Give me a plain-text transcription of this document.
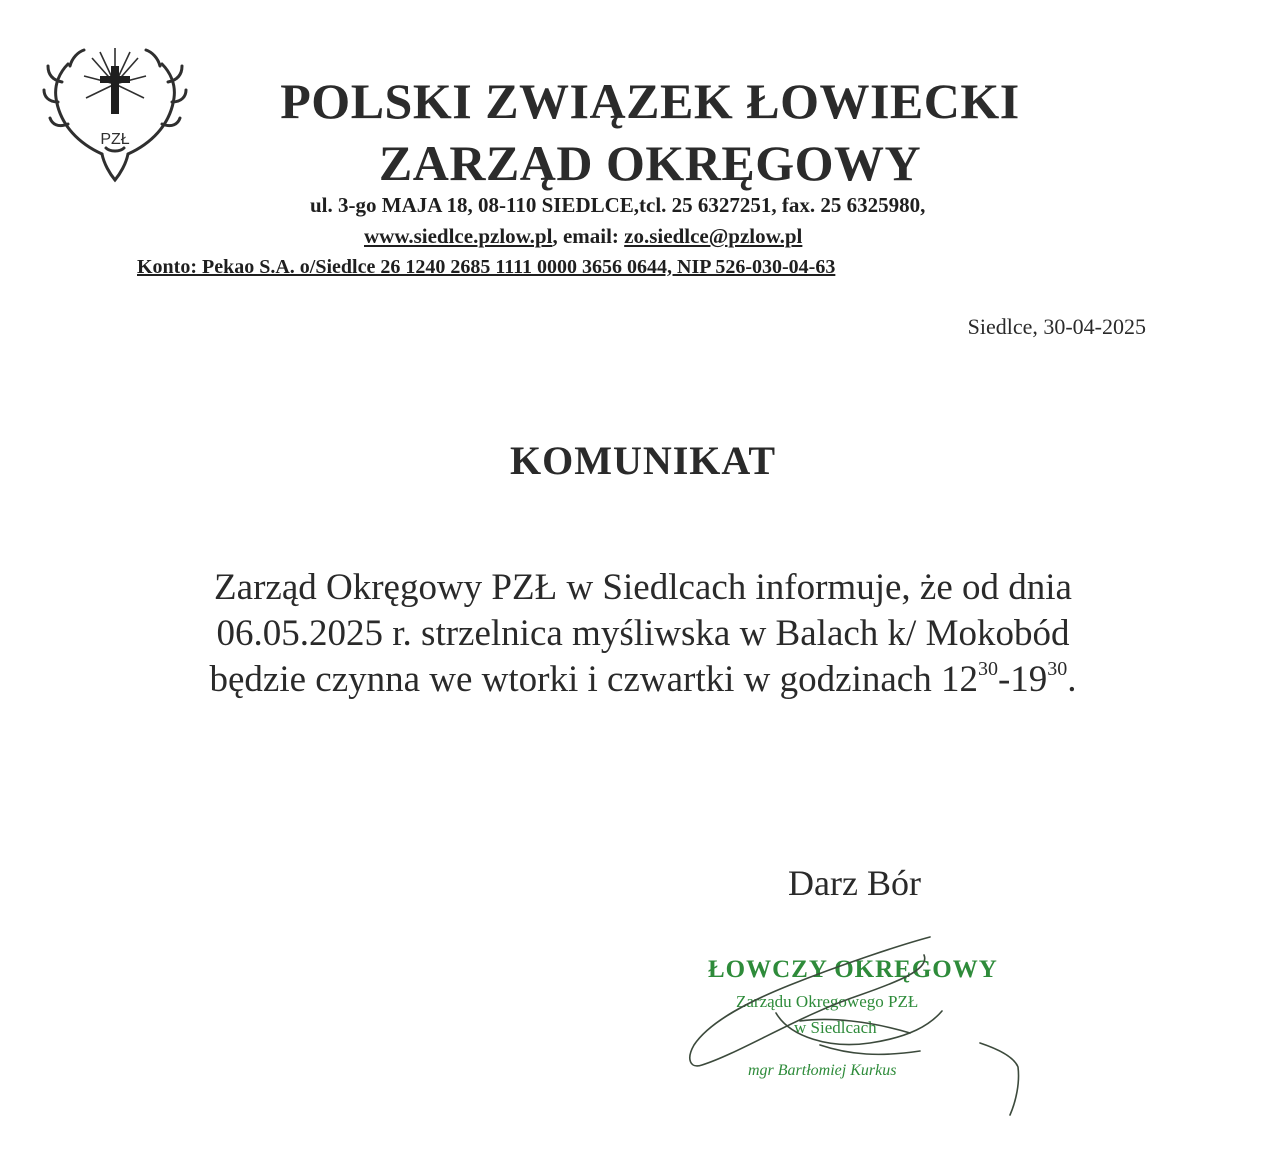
PZŁ
POLSKI ZWIĄZEK ŁOWIECKI
ZARZĄD OKRĘGOWY
ul. 3-go MAJA 18, 08-110 SIEDLCE,tcl. 25 6327251, fax. 25 6325980,
www.siedlce.pzlow.pl, email: zo.siedlce@pzlow.pl
Konto: Pekao S.A. o/Siedlce 26 1240 2685 1111 0000 3656 0644, NIP 526-030-04-63
Siedlce, 30-04-2025
KOMUNIKAT

Zarząd Okręgowy PZŁ w Siedlcach informuje, że od dnia

06.05.2025 r. strzelnica myśliwska w Balach k/ Mokobód

będzie czynna we wtorki i czwartki w godzinach $12^{30}-19^{30}$.

Darz Bór
ŁOWCZY OKRĘGOWY
Zarządu Okręgowego PZŁ
w Siedlcach
mgr Bartłomiej Kurkus
